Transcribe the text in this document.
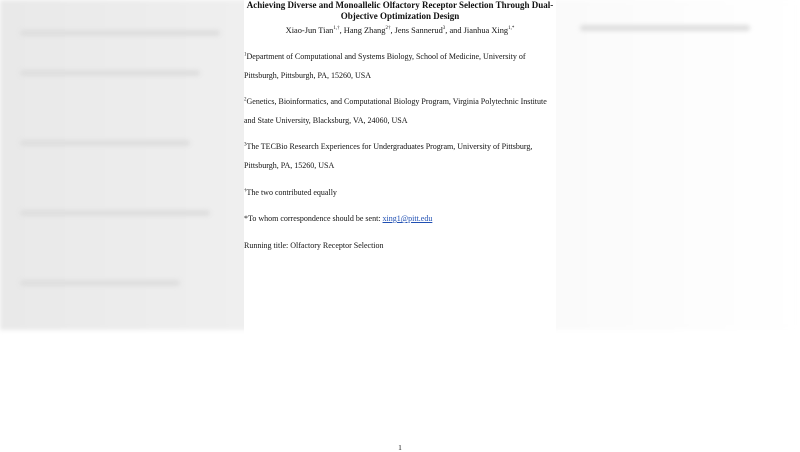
Achieving Diverse and Monoallelic Olfactory Receptor Selection Through Dual-Objective Optimization Design
Xiao-Jun Tian$^{1,\dagger}$, Hang Zhang$^{2\dagger}$, Jens Sannerud$^3$, and Jianhua Xing$^{1,*}$
$^1$Department of Computational and Systems Biology, School of Medicine, University of Pittsburgh, Pittsburgh, PA, 15260, USA
$^2$Genetics, Bioinformatics, and Computational Biology Program, Virginia Polytechnic Institute and State University, Blacksburg, VA, 24060, USA
$^3$The TECBio Research Experiences for Undergraduates Program, University of Pittsburg, Pittsburgh, PA, 15260, USA
†The two contributed equally
*To whom correspondence should be sent: xing1@pitt.edu
Running title: Olfactory Receptor Selection
1
